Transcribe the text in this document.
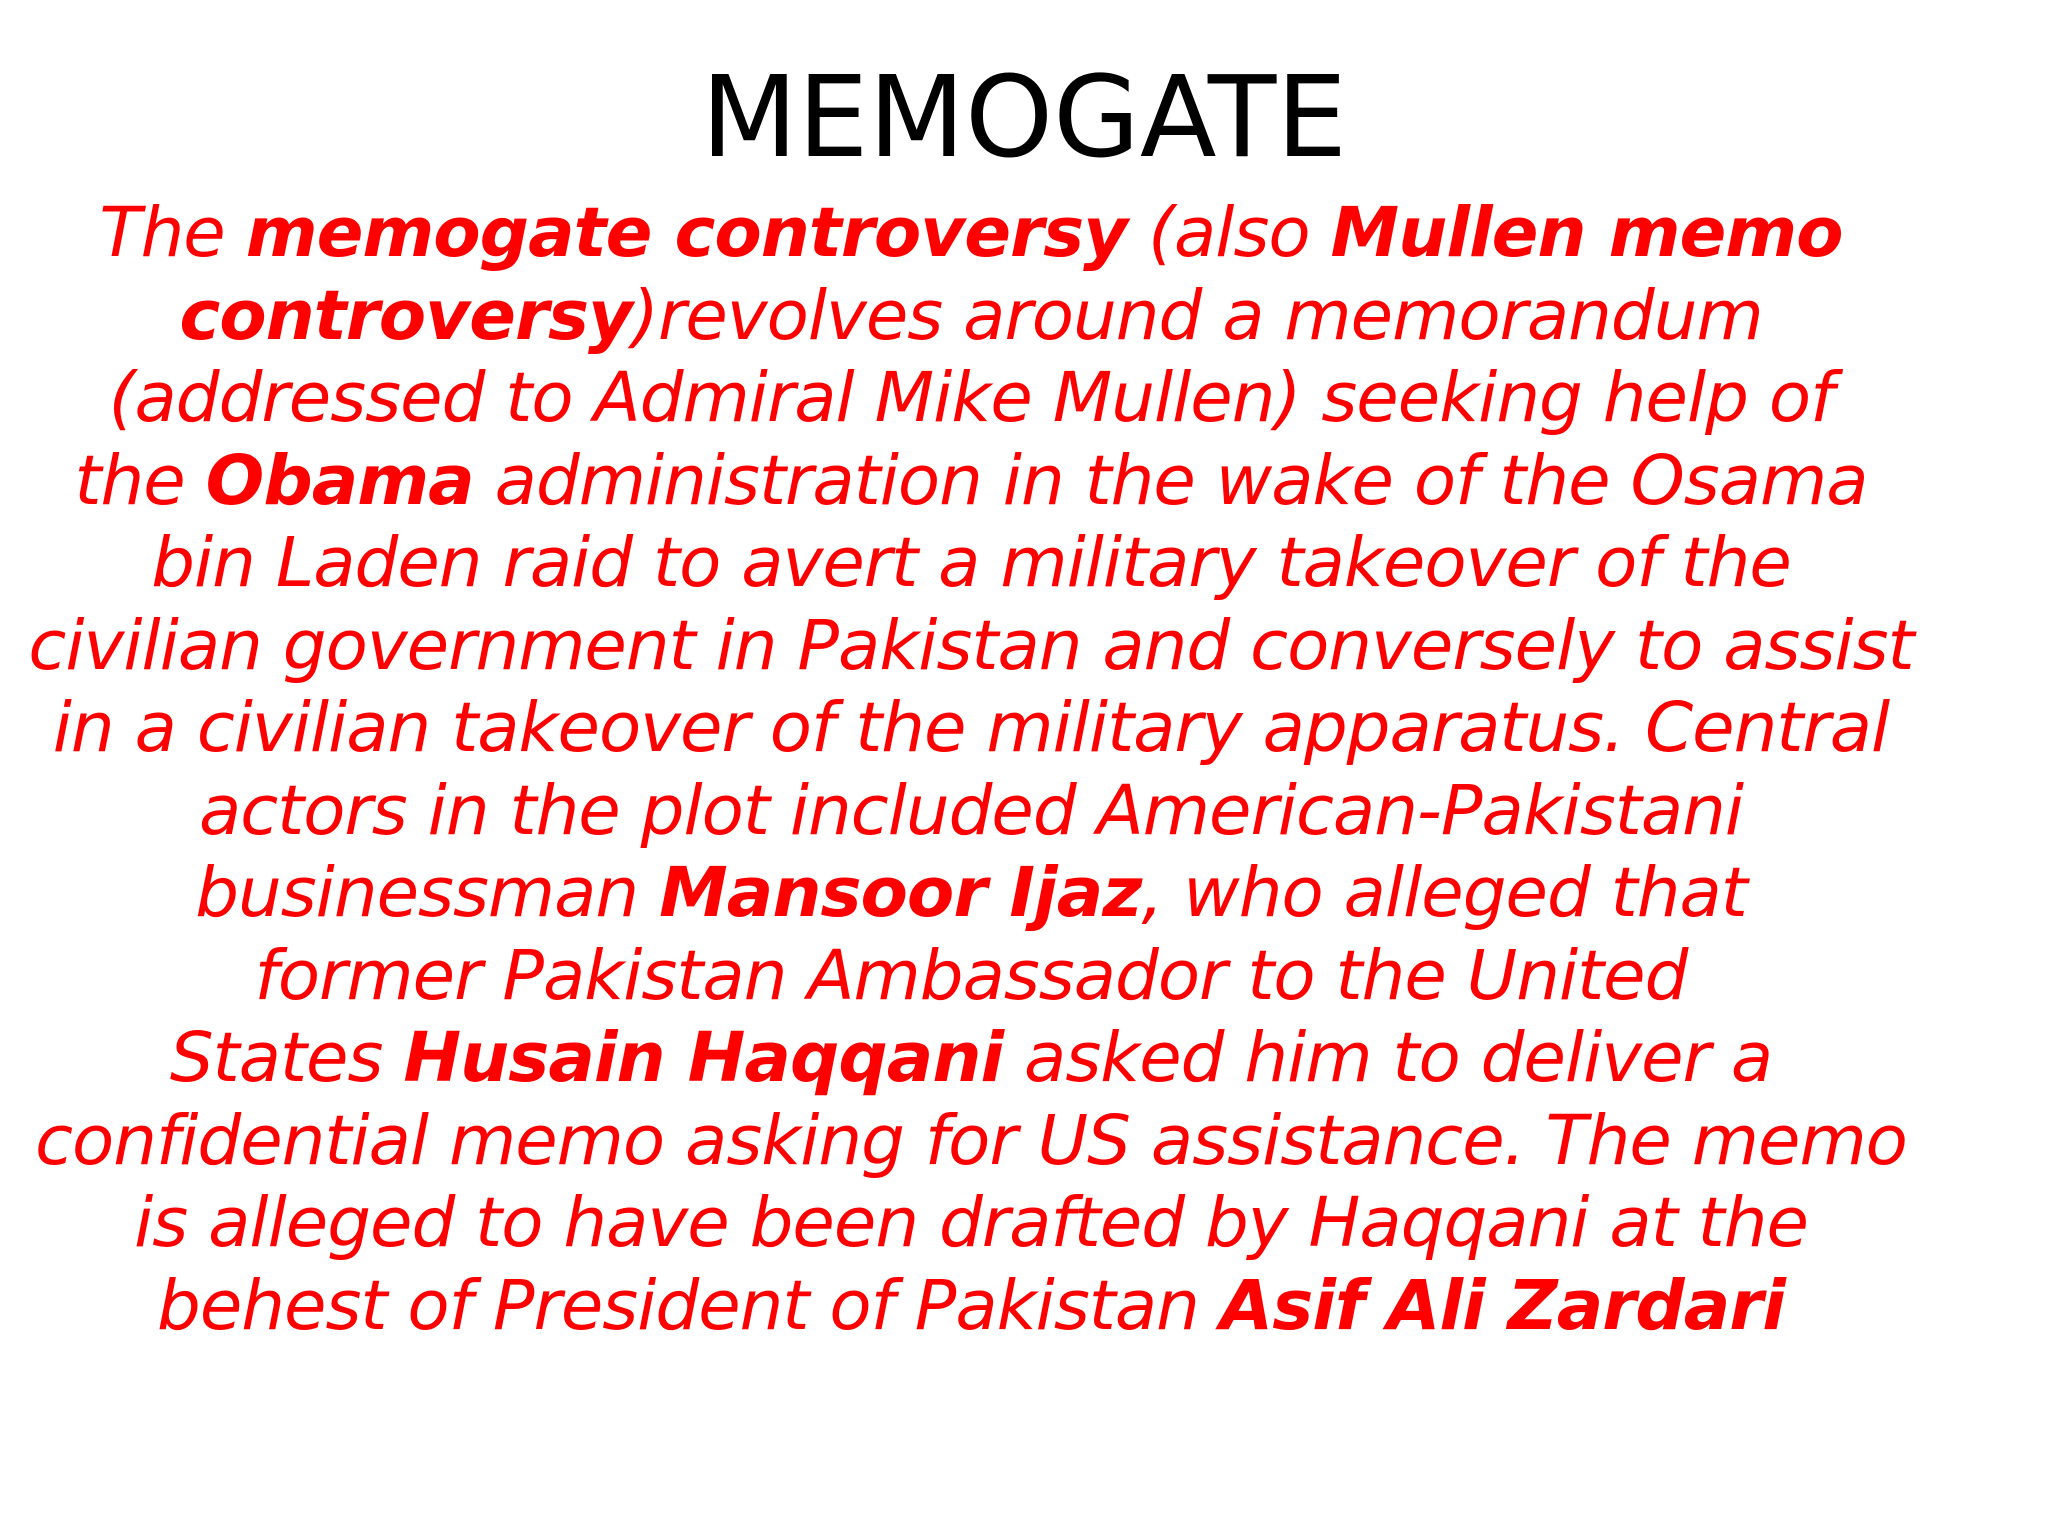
MEMOGATE
The memogate controversy (also Mullen memo
controversy)revolves around a memorandum
(addressed to Admiral Mike Mullen) seeking help of
the Obama administration in the wake of the Osama
bin Laden raid to avert a military takeover of the
civilian government in Pakistan and conversely to assist
in a civilian takeover of the military apparatus. Central
actors in the plot included American-Pakistani
businessman Mansoor Ijaz, who alleged that
former Pakistan Ambassador to the United
States Husain Haqqani asked him to deliver a
confidential memo asking for US assistance. The memo
is alleged to have been drafted by Haqqani at the
behest of President of Pakistan Asif Ali Zardari
